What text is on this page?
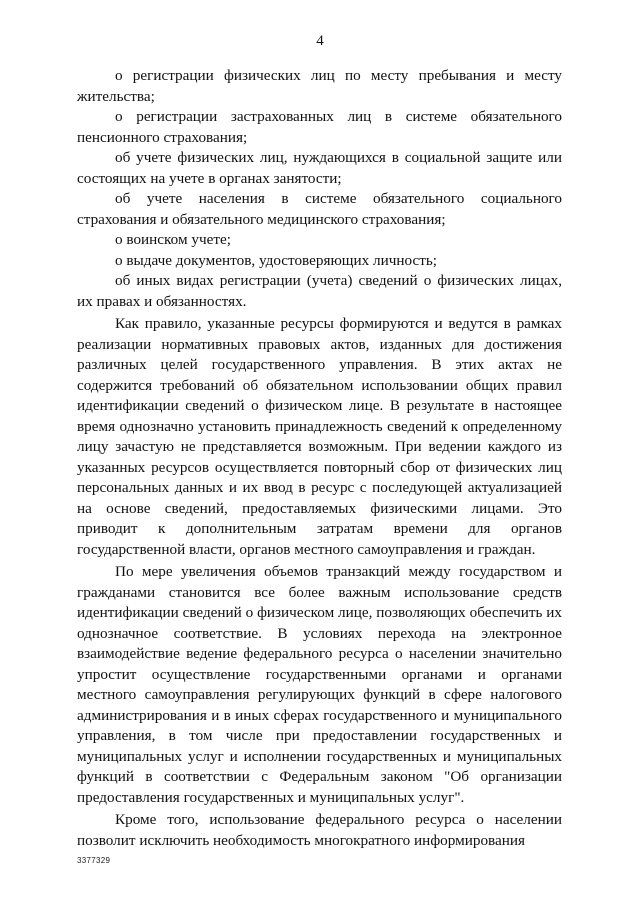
4

о регистрации физических лиц по месту пребывания и месту жительства;

о регистрации застрахованных лиц в системе обязательного пенсионного страхования;

об учете физических лиц, нуждающихся в социальной защите или состоящих на учете в органах занятости;

об учете населения в системе обязательного социального страхования и обязательного медицинского страхования;

о воинском учете;

о выдаче документов, удостоверяющих личность;

об иных видах регистрации (учета) сведений о физических лицах, их правах и обязанностях.

Как правило, указанные ресурсы формируются и ведутся в рамках реализации нормативных правовых актов, изданных для достижения различных целей государственного управления. В этих актах не содержится требований об обязательном использовании общих правил идентификации сведений о физическом лице. В результате в настоящее время однозначно установить принадлежность сведений к определенному лицу зачастую не представляется возможным. При ведении каждого из указанных ресурсов осуществляется повторный сбор от физических лиц персональных данных и их ввод в ресурс с последующей актуализацией на основе сведений, предоставляемых физическими лицами. Это приводит к дополнительным затратам времени для органов государственной власти, органов местного самоуправления и граждан.

По мере увеличения объемов транзакций между государством и гражданами становится все более важным использование средств идентификации сведений о физическом лице, позволяющих обеспечить их однозначное соответствие. В условиях перехода на электронное взаимодействие ведение федерального ресурса о населении значительно упростит осуществление государственными органами и органами местного самоуправления регулирующих функций в сфере налогового администрирования и в иных сферах государственного и муниципального управления, в том числе при предоставлении государственных и муниципальных услуг и исполнении государственных и муниципальных функций в соответствии с Федеральным законом "Об организации предоставления государственных и муниципальных услуг".

Кроме того, использование федерального ресурса о населении позволит исключить необходимость многократного информирования

3377329
